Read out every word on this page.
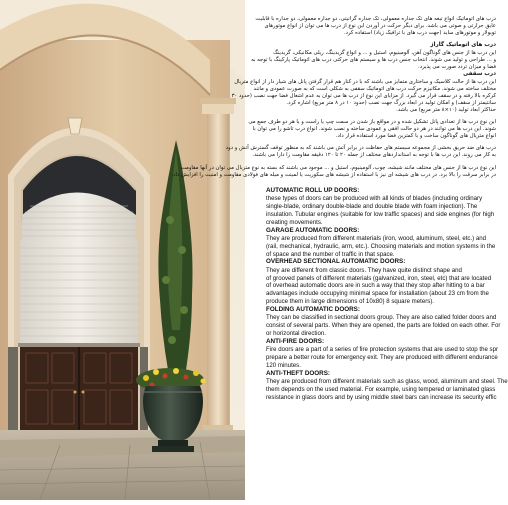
درب های اتوماتیک انواع تیغه های تک جداره معمولی، تک جداره گرانیتی، دو جداره معمولی، دو جداره با قابلیت
عایق حرارتی و صوتی می باشد. برای دیگر حرکت در آوردن این نوع از درب ها می توان از انواع موتورهای
توبولار و موتورهای ساید (جهت درب های با ترافیک زیاد) استفاده کرد.
درب های اتوماتیک گاراژ
این درب ها از جنس های گوناگون آهن، آلومینیوم، استیل و ... و انواع گریدینگ، ریلی مکانیکی، گریدینگ
و ... طراحی و تولید می شوند. انتخاب جنس درب ها و سیستم های حرکتی درب های اتوماتیک پارکینگ با توجه به
فضا و میزان تردد صورت می پذیرد.
درب سقفی
این درب ها از حالت کلاسیک و ساختاری متمایز می باشند که با در کنار هم قرار گرفتن پانل های شیار دار از انواع متریال
مختلف ساخته می شوند. مکانیزم حرکت درب های اتوماتیک سقفی به شکلی است که به صورت عمودی و مانند
کرکره بالا رفته و در سقف قرار می گیرد. از مزایای این نوع از درب ها می توان به عدم اشغال فضا جهت نصب (حدود ۳۰
سانتیمتر از سقف) و امکان تولید در ابعاد بزرگ جهت نصب (حدود ۱۰ در ۸ متر مربع) اشاره کرد.
حداکثر ابعاد تولید (۱۰×۸ متر مربع) می باشد.
این نوع درب ها از تعدادی پانل تشکیل شده و در مواقع باز شدن در سمت چپ یا راست و یا هر دو طرف جمع می
شوند. این درب ها می توانند در هر دو حالت افقی و عمودی ساخته و نصب شوند. انواع درب تاشو را می توان با
انواع متریال های گوناگون ساخت و با کمترین فضا مورد استفاده قرار داد.
درب های ضد حریق بخشی از مجموعه سیستم های حفاظت در برابر آتش می باشند که به منظور توقف گسترش آتش و دود
به کار می روند. این درب ها با توجه به استانداردهای مختلف از جمله ۲۰ تا ۱۲۰ دقیقه مقاومت را دارا می باشند.
این نوع درب ها از جنس های مختلف مانند شیشه، چوب، آلومینیوم، استیل و ... موجود می باشند که بسته به نوع متریال می توان در آنها مقاومت
در برابر سرقت را بالا برد. در درب های شیشه ای نیز با استفاده از شیشه های سکوریت یا لمینت و میله های فولادی مقاومت و امنیت را افزایش داد.
AUTOMATIC ROLL UP DOORS:
these types of doors can be produced with all kinds of blades (including ordinary
single-blade, ordinary double-blade and double blade with foam injection). The
insulation. Tubular engines (suitable for low traffic spaces) and side engines (for high
creating movements.
GARAGE AUTOMATIC DOORS:
They are produced from different materials (iron, wood, aluminum, steel, etc.) and
(rail, mechanical, hydraulic, arm, etc.). Choosing materials and motion systems in the
of space and the number of traffic in that space.
OVERHEAD SECTIONAL AUTOMATIC DOORS:
They are different from classic doors. They have quite distinct shape and
of grooved panels of different materials (galvanized, iron, steel, etc) that are located
of overhead automatic doors are in such a way that they stop after hitting to a bar
advantages include occupying minimal space for installation (about 23 cm from the
produce them in large dimensions of 10x80) 8 square meters).
FOLDING AUTOMATIC DOORS:
They can be classified in sectional doors group. They are also called folder doors and
consist of several parts. When they are opened, the parts are folded on each other. For
or horizontal direction.
ANTI-FIRE DOORS:
Fire doors are a part of a series of fire protection systems that are used to stop the spr
prepare a better route for emergency exit. They are produced with different endurance
120 minutes.
ANTI-THEFT DOORS:
They are produced from different materials such as glass, wood, aluminum and steel. The
them depends on the used material. For example, using tempered or laminated glass
resistance in glass doors and by using middle steel bars can increase its security effic
